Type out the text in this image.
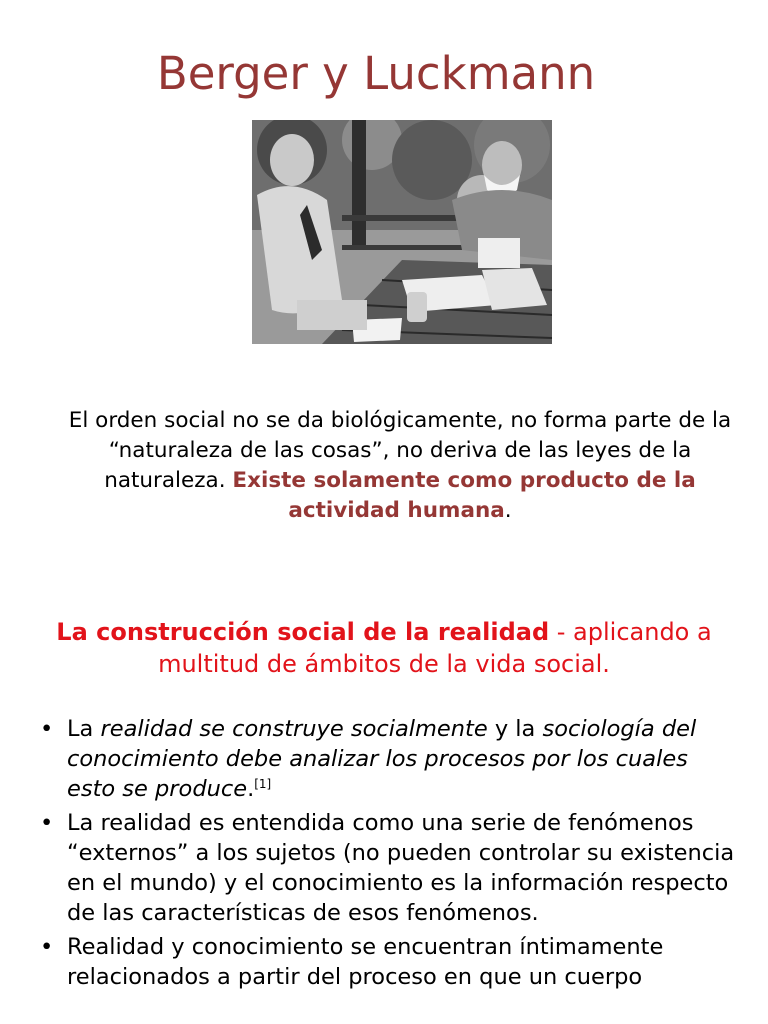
Berger y Luckmann
El orden social no se da biológicamente, no forma parte de la “naturaleza de las cosas”, no deriva de las leyes de la naturaleza. Existe solamente como producto de la actividad humana.
La construcción social de la realidad - aplicando a multitud de ámbitos de la vida social.
• La realidad se construye socialmente y la sociología del conocimiento debe analizar los procesos por los cuales esto se produce.[1]
• La realidad es entendida como una serie de fenómenos “externos” a los sujetos (no pueden controlar su existencia en el mundo) y el conocimiento es la información respecto de las características de esos fenómenos.
• Realidad y conocimiento se encuentran íntimamente relacionados a partir del proceso en que un cuerpo
